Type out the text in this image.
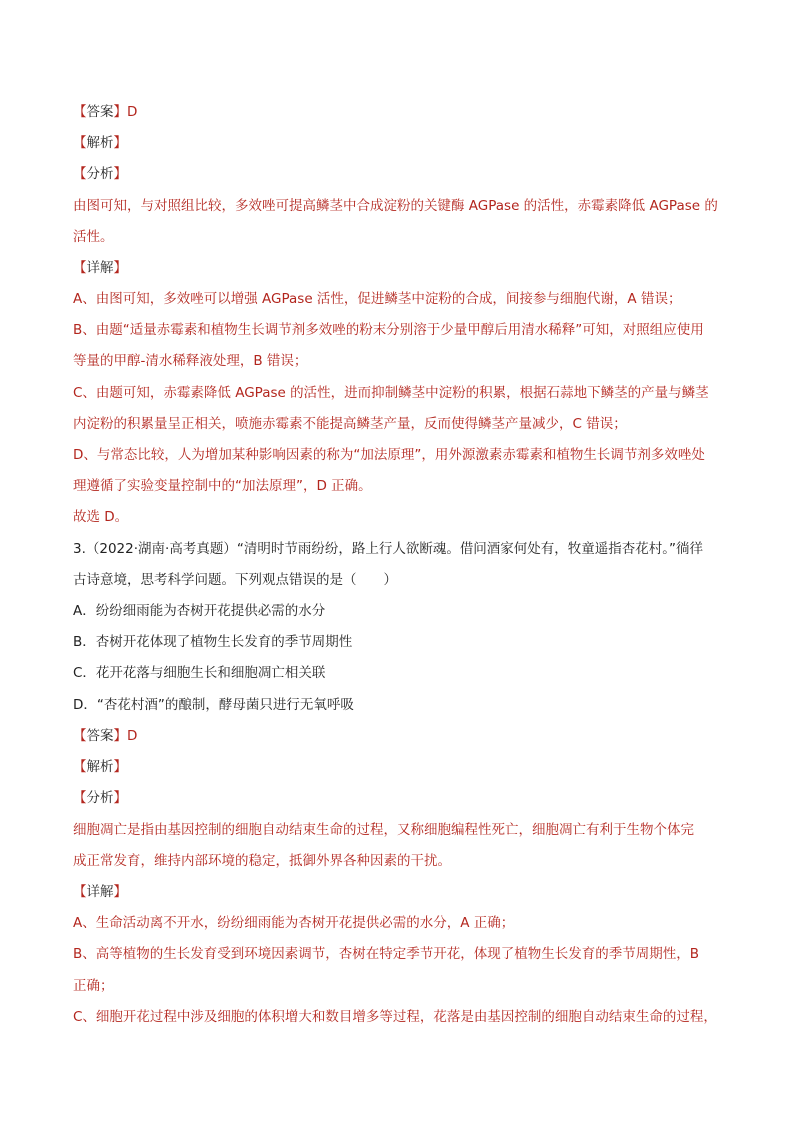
【答案】D
【解析】
【分析】
由图可知，与对照组比较，多效唑可提高鳞茎中合成淀粉的关键酶 AGPase 的活性，赤霉素降低 AGPase 的
活性。
【详解】
A、由图可知，多效唑可以增强 AGPase 活性，促进鳞茎中淀粉的合成，间接参与细胞代谢，A 错误；
B、由题“适量赤霉素和植物生长调节剂多效唑的粉末分别溶于少量甲醇后用清水稀释”可知，对照组应使用
等量的甲醇-清水稀释液处理，B 错误；
C、由题可知，赤霉素降低 AGPase 的活性，进而抑制鳞茎中淀粉的积累，根据石蒜地下鳞茎的产量与鳞茎
内淀粉的积累量呈正相关，喷施赤霉素不能提高鳞茎产量，反而使得鳞茎产量减少，C 错误；
D、与常态比较，人为增加某种影响因素的称为“加法原理”，用外源激素赤霉素和植物生长调节剂多效唑处
理遵循了实验变量控制中的“加法原理”，D 正确。
故选 D。
3.（2022·湖南·高考真题）“清明时节雨纷纷，路上行人欲断魂。借问酒家何处有，牧童遥指杏花村。”徜徉
古诗意境，思考科学问题。下列观点错误的是（　　）
A．纷纷细雨能为杏树开花提供必需的水分
B．杏树开花体现了植物生长发育的季节周期性
C．花开花落与细胞生长和细胞凋亡相关联
D．“杏花村酒”的酿制，酵母菌只进行无氧呼吸
【答案】D
【解析】
【分析】
细胞凋亡是指由基因控制的细胞自动结束生命的过程，又称细胞编程性死亡，细胞凋亡有利于生物个体完
成正常发育，维持内部环境的稳定，抵御外界各种因素的干扰。
【详解】
A、生命活动离不开水，纷纷细雨能为杏树开花提供必需的水分，A 正确；
B、高等植物的生长发育受到环境因素调节，杏树在特定季节开花，体现了植物生长发育的季节周期性，B
正确；
C、细胞开花过程中涉及细胞的体积增大和数目增多等过程，花落是由基因控制的细胞自动结束生命的过程，
